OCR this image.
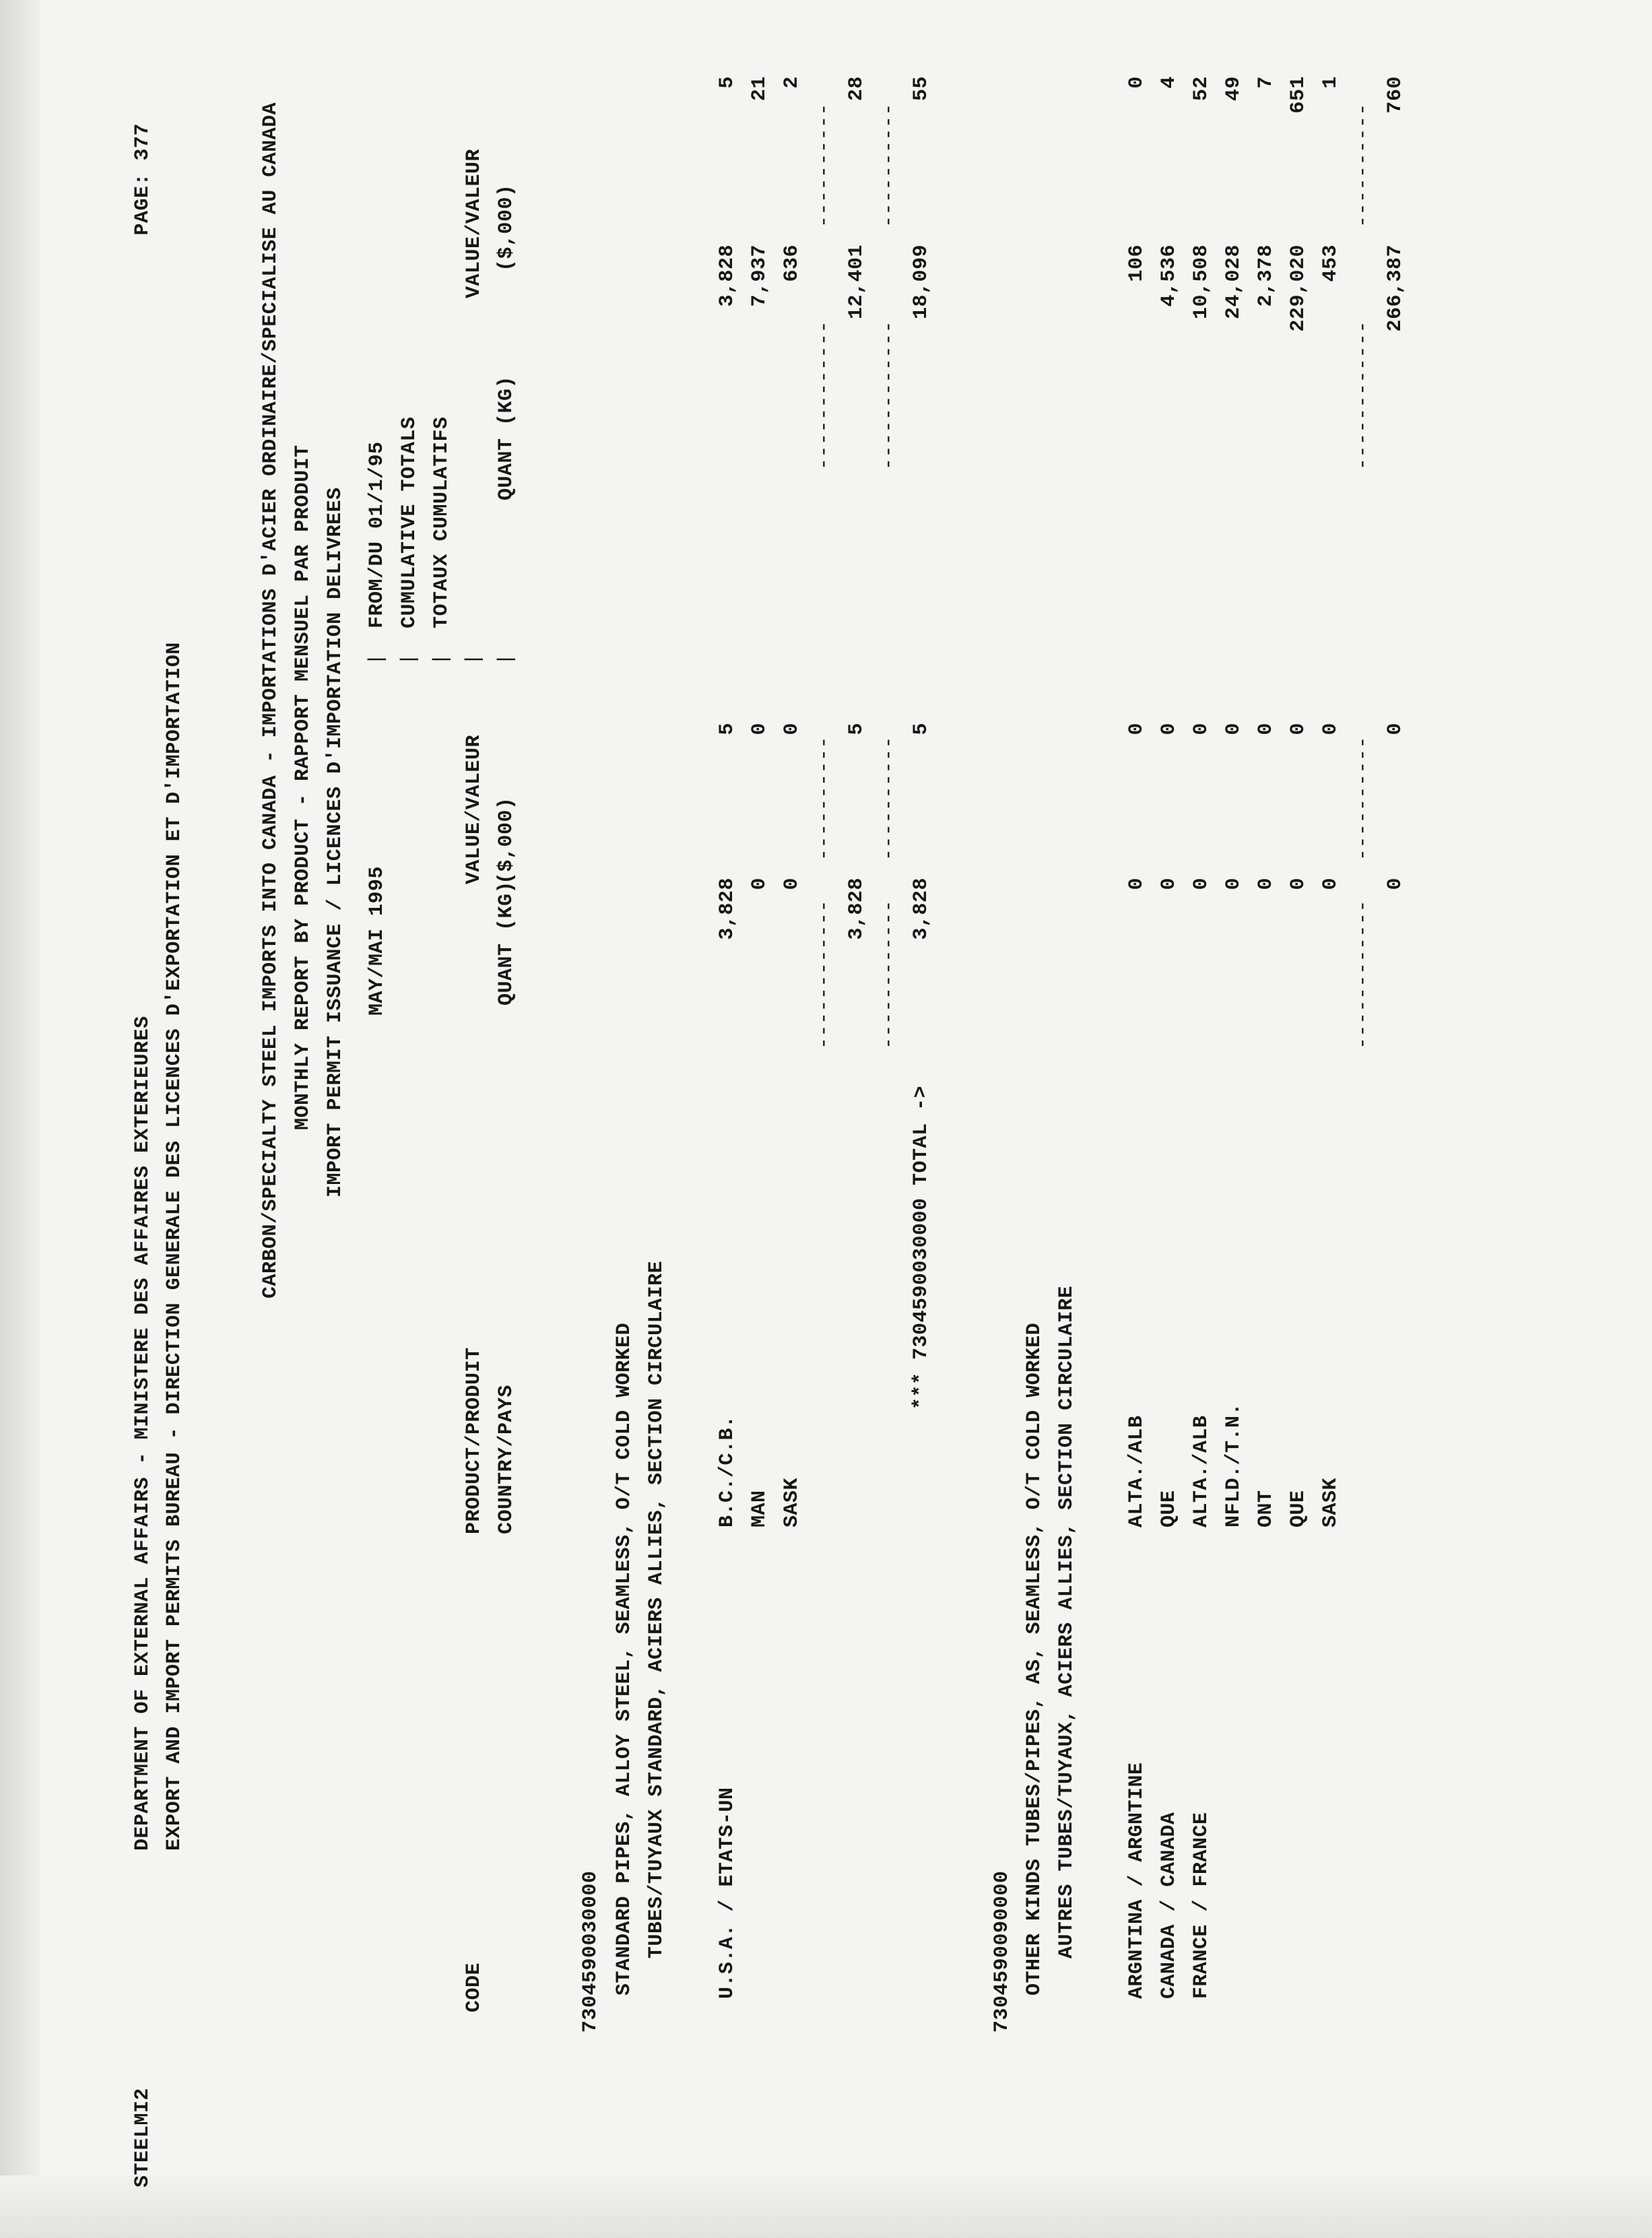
STEELMI2
DEPARTMENT OF EXTERNAL AFFAIRS - MINISTERE DES AFFAIRES EXTERIEURES
PAGE: 377
EXPORT AND IMPORT PERMITS BUREAU - DIRECTION GENERALE DES LICENCES D'EXPORTATION ET D'IMPORTATION	CARBON/SPECIALTY STEEL IMPORTS INTO CANADA - IMPORTATIONS D'ACIER ORDINAIRE/SPECIALISE AU CANADA MONTHLY REPORT BY PRODUCT - RAPPORT MENSUEL PAR PRODUIT IMPORT PERMIT ISSUANCE / LICENCES D'IMPORTATION DELIVREES MAY/MAI 1995
|
FROM/DU 01/1/95
|
CUMULATIVE TOTALS
|
TOTAUX CUMULATIFS
VALUE/VALEUR
|
VALUE/VALEUR
PRODUCT/PRODUIT
CODE
COUNTRY/PAYS
QUANT (KG)
($,000)
|
QUANT (KG)
($,000)
7304590030000 STANDARD PIPES, ALLOY STEEL, SEAMLESS, O/T COLD WORKED TUBES/TUYAUX STANDARD, ACIERS ALLIES, SECTION CIRCULAIRE U.S.A. / ETATS-UN
B.C./C.B.
3,828
5
3,828
5
MAN
0
0
7,937
21
SASK
0
0
636
2
------------
----------
------------
----------
3,828
5
12,401
28
------------
----------
------------
----------
*** 7304590030000 TOTAL ->
3,828
5
18,099
55
7304590090000 OTHER KINDS TUBES/PIPES, AS, SEAMLESS, O/T COLD WORKED AUTRES TUBES/TUYAUX, ACIERS ALLIES, SECTION CIRCULAIRE ARGNTINA / ARGNTINE
ALTA./ALB
0
0
106
0
CANADA / CANADA
QUE
0
0
4,536
4
FRANCE / FRANCE
ALTA./ALB
0
0
10,508
52
NFLD./T.N.
0
0
24,028
49
ONT
0
0
2,378
7
QUE
0
0
229,020
651
SASK
0
0
453
1
------------
----------
------------
----------
0
0
266,387
760
